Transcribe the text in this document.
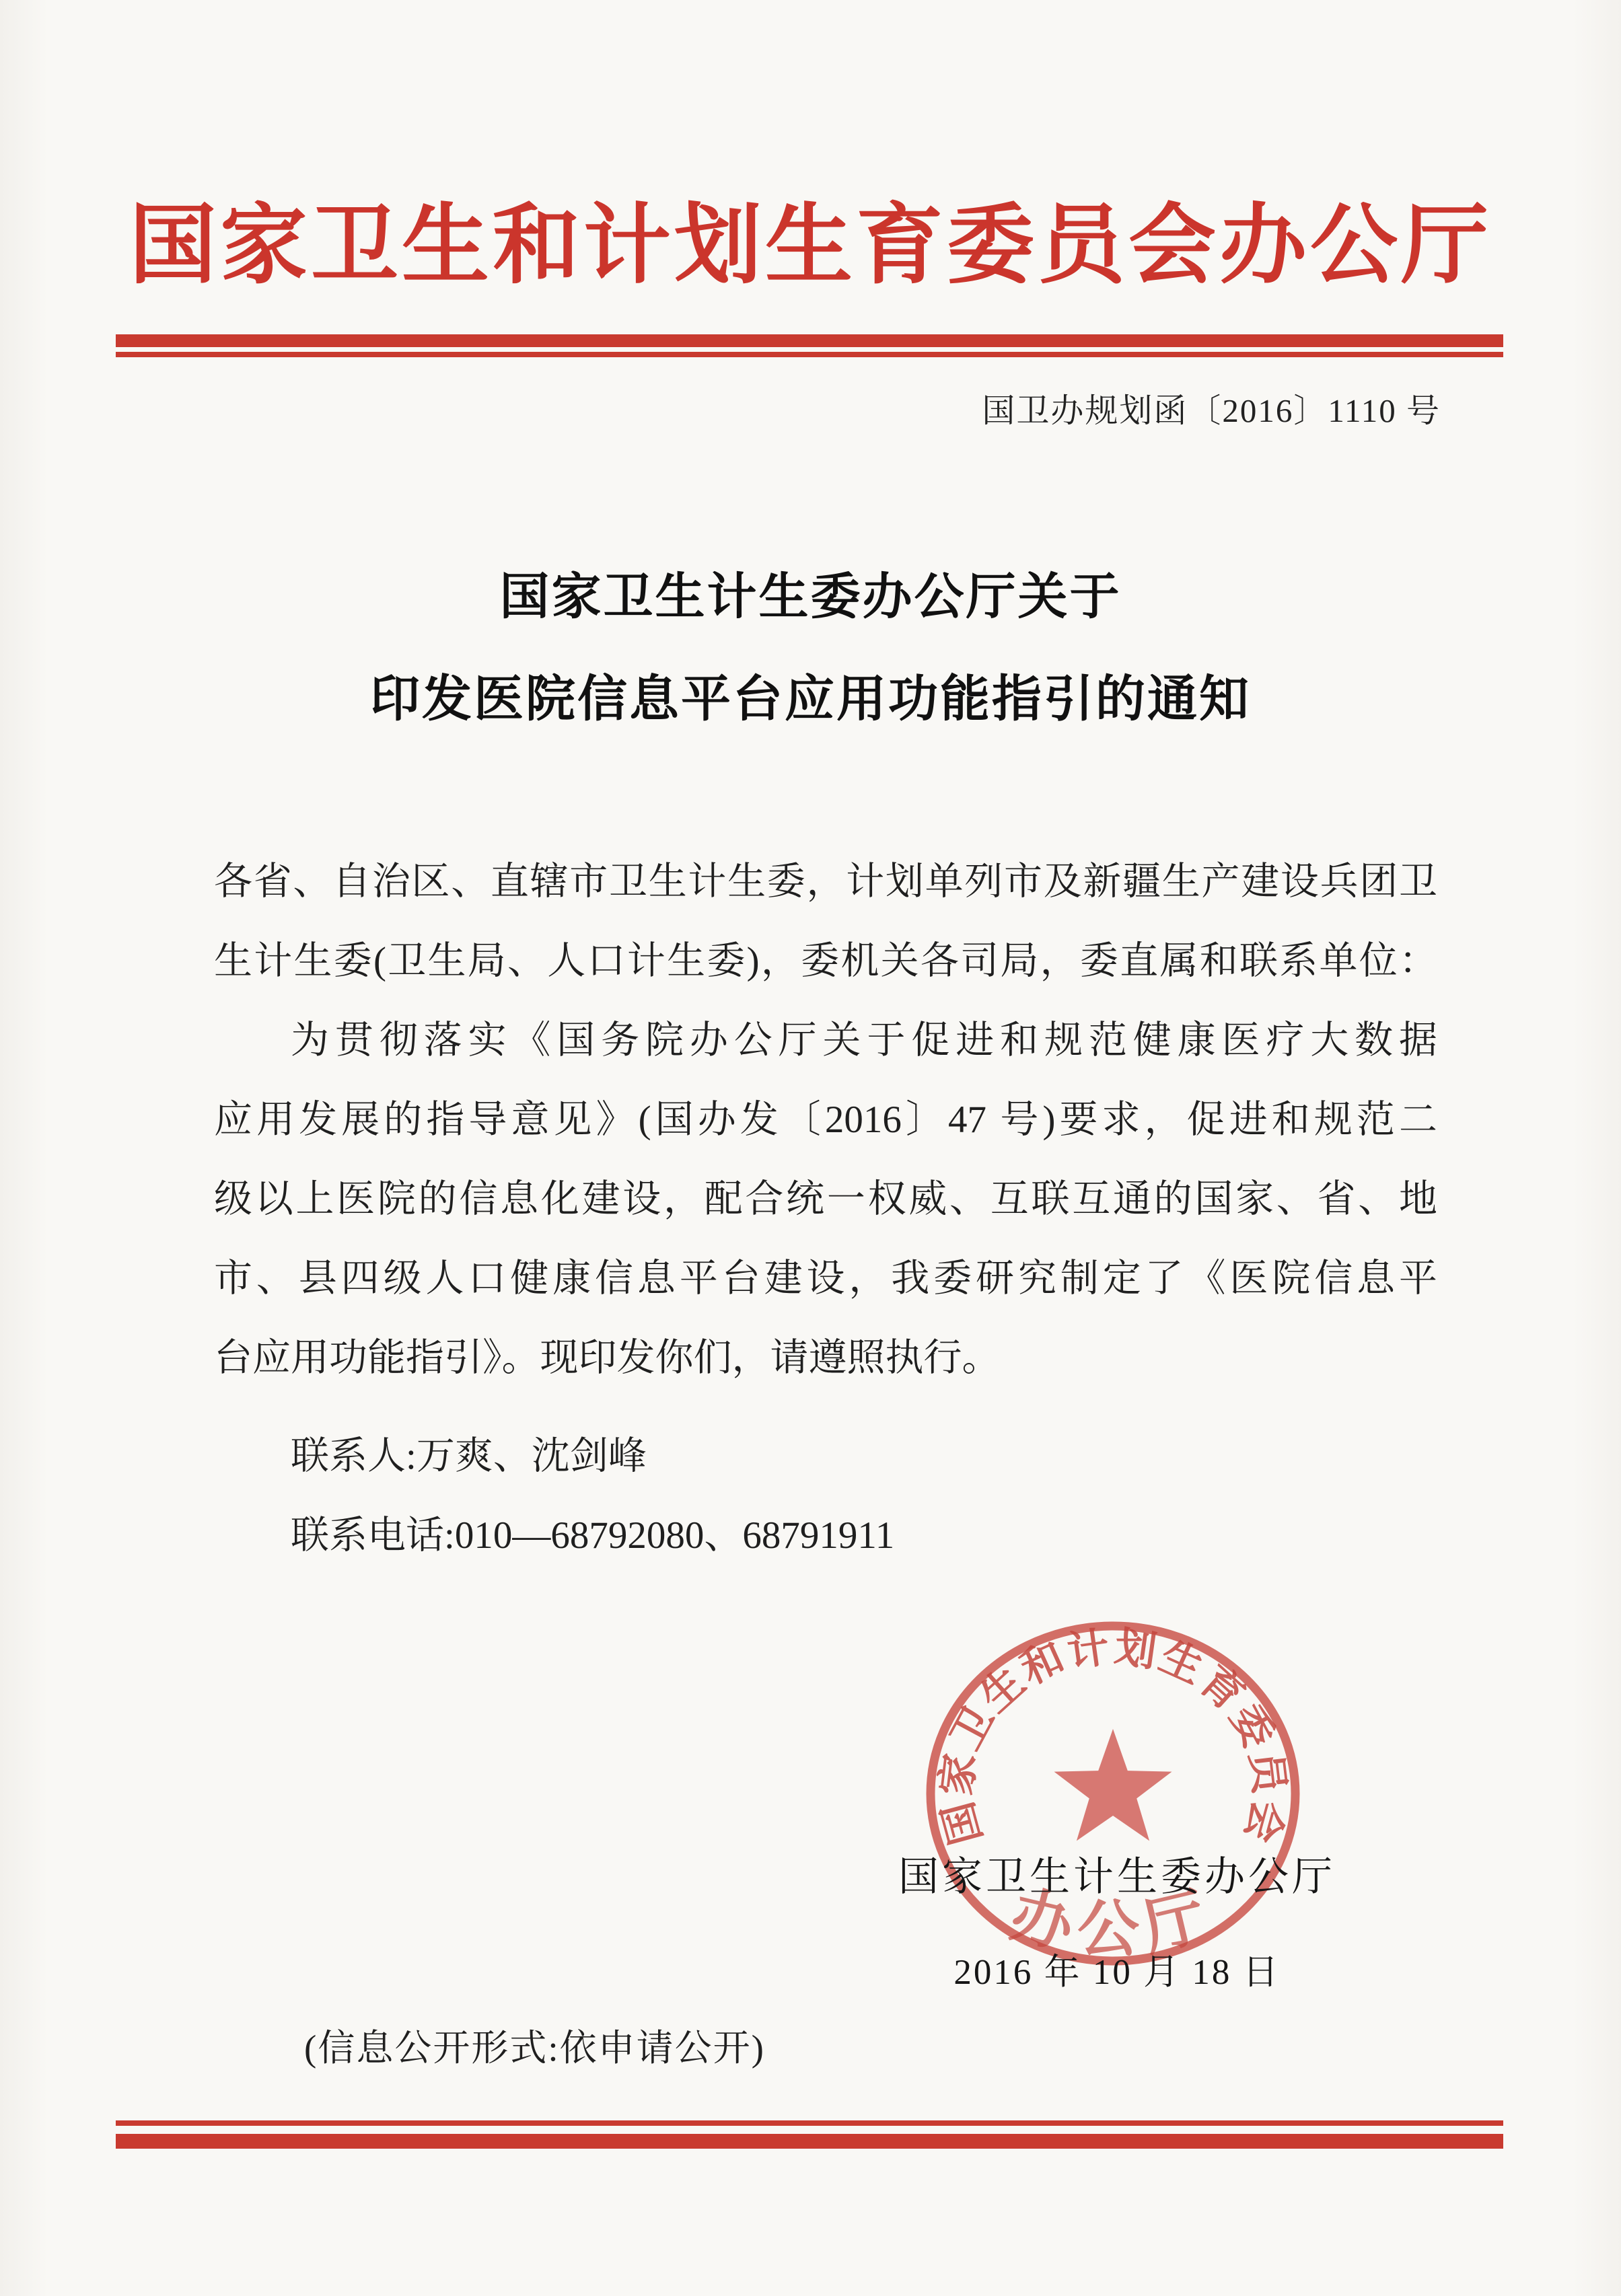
国家卫生和计划生育委员会办公厅
国卫办规划函〔2016〕1110 号
国家卫生计生委办公厅关于
印发医院信息平台应用功能指引的通知
各省、自治区、直辖市卫生计生委，计划单列市及新疆生产建设兵团卫
生计生委(卫生局、人口计生委)，委机关各司局，委直属和联系单位：
为贯彻落实《国务院办公厅关于促进和规范健康医疗大数据
应用发展的指导意见》(国办发〔2016〕47 号)要求，促进和规范二
级以上医院的信息化建设，配合统一权威、互联互通的国家、省、地
市、县四级人口健康信息平台建设，我委研究制定了《医院信息平
台应用功能指引》。现印发你们，请遵照执行。
联系人:万爽、沈剑峰
联系电话:010—68792080、68791911
国家卫生和计划生育委员会
办公厅
国家卫生计生委办公厅
2016 年 10 月 18 日
(信息公开形式:依申请公开)
